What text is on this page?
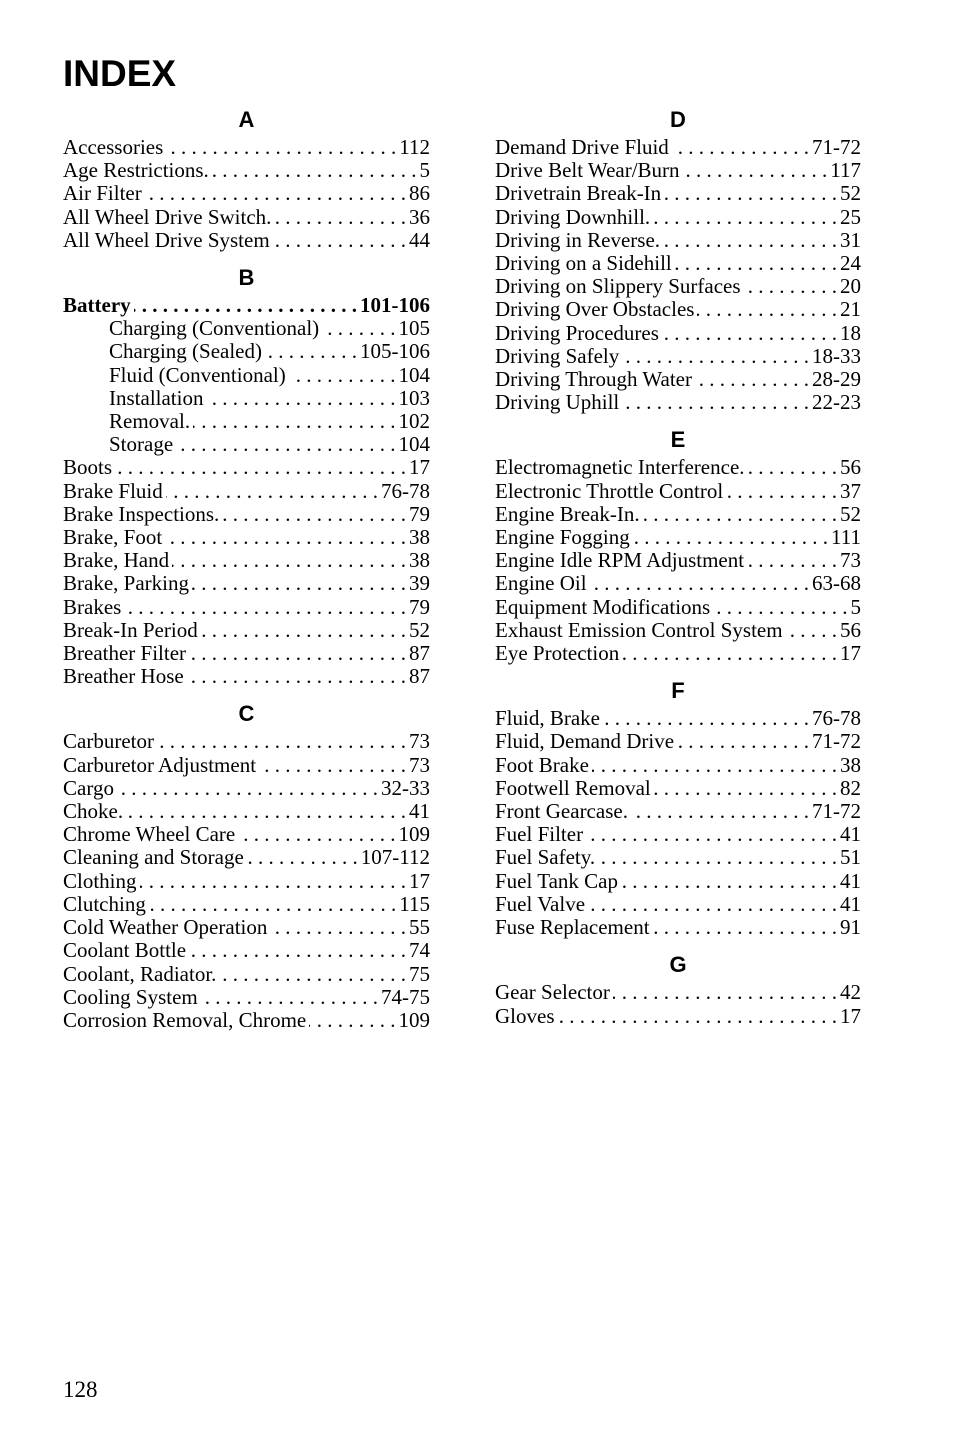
INDEX
A
Accessories . . .	112
Age Restrictions. . . .	5
Air Filter . . .	86
All Wheel Drive Switch. . . .	36
All Wheel Drive System . . .	44
B
Battery . . .	101-106
Charging (Conventional) . . .	105
Charging (Sealed) . . .	105-106
Fluid (Conventional) . . .	104
Installation . . .	103
Removal. . . .	102
Storage . . .	104
Boots . . .	17
Brake Fluid . . .	76-78
Brake Inspections. . . .	79
Brake, Foot . . .	38
Brake, Hand . . .	38
Brake, Parking . . .	39
Brakes . . .	79
Break-In Period . . .	52
Breather Filter . . .	87
Breather Hose . . .	87
C
Carburetor . . .	73
Carburetor Adjustment . . .	73
Cargo . . .	32-33
Choke. . . .	41
Chrome Wheel Care . . .	109
Cleaning and Storage . . .	107-112
Clothing . . .	17
Clutching . . .	115
Cold Weather Operation . . .	55
Coolant Bottle . . .	74
Coolant, Radiator. . . .	75
Cooling System . . .	74-75
Corrosion Removal, Chrome . . .	109
D
Demand Drive Fluid . . .	71-72
Drive Belt Wear/Burn . . .	117
Drivetrain Break-In . . .	52
Driving Downhill. . . .	25
Driving in Reverse. . . .	31
Driving on a Sidehill . . .	24
Driving on Slippery Surfaces . . .	20
Driving Over Obstacles . . .	21
Driving Procedures . . .	18
Driving Safely . . .	18-33
Driving Through Water . . .	28-29
Driving Uphill . . .	22-23
E
Electromagnetic Interference. . . .	56
Electronic Throttle Control . . .	37
Engine Break-In. . . .	52
Engine Fogging . . .	111
Engine Idle RPM Adjustment . . .	73
Engine Oil . . .	63-68
Equipment Modifications . . .	5
Exhaust Emission Control System . . .	56
Eye Protection . . .	17
F
Fluid, Brake . . .	76-78
Fluid, Demand Drive . . .	71-72
Foot Brake . . .	38
Footwell Removal . . .	82
Front Gearcase. . . .	71-72
Fuel Filter . . .	41
Fuel Safety. . . .	51
Fuel Tank Cap . . .	41
Fuel Valve . . .	41
Fuse Replacement . . .	91
G
Gear Selector . . .	42
Gloves . . .	17
128
